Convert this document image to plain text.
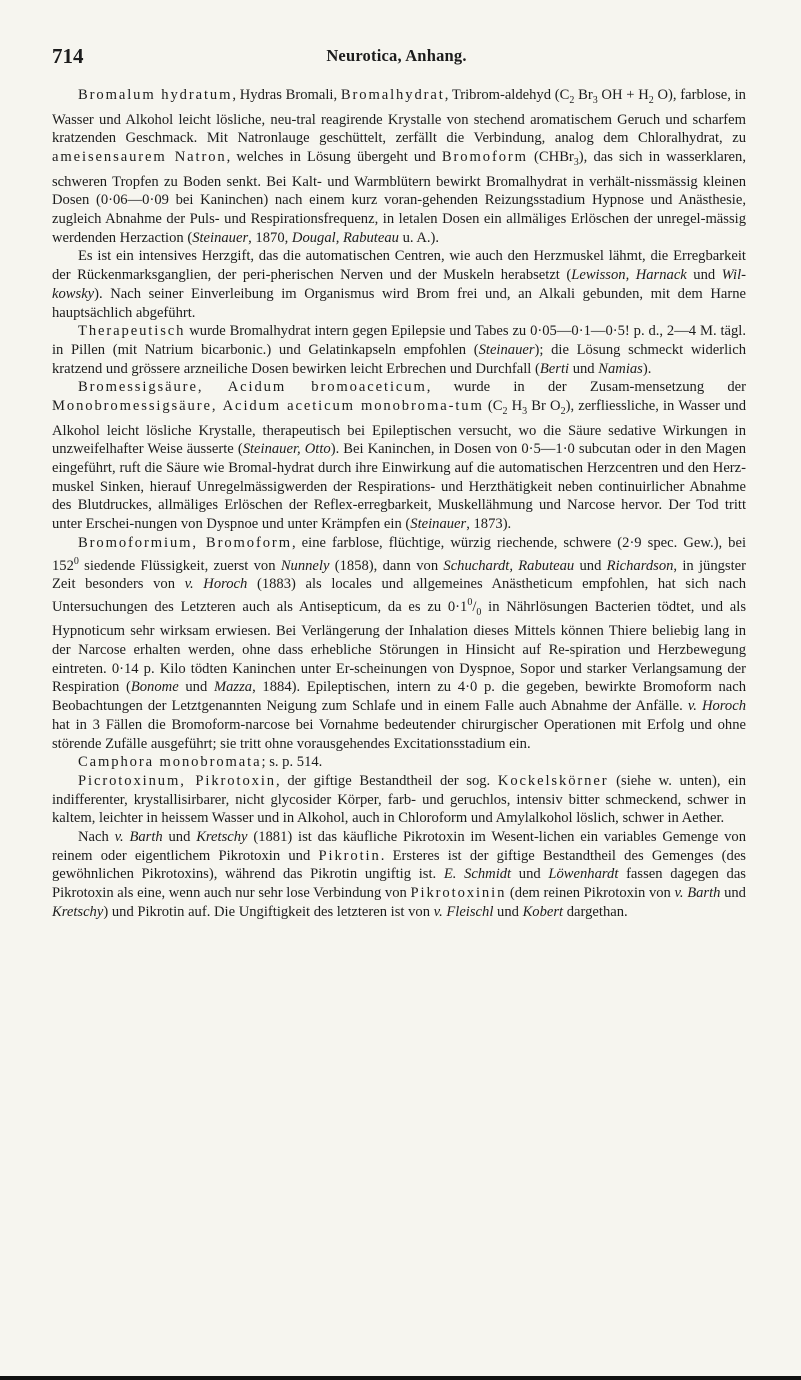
714	Neurotica, Anhang.

Bromalum hydratum, Hydras Bromali, Bromalhydrat, Tribrom-aldehyd ($C_2$ $Br_3$ OH + $H_2$ O), farblose, in Wasser und Alkohol leicht lösliche, neu-tral reagirende Krystalle von stechend aromatischem Geruch und scharfem kratzenden Geschmack. Mit Natronlauge geschüttelt, zerfällt die Verbindung, analog dem Chloralhydrat, zu ameisensaurem Natron, welches in Lösung übergeht und Bromoform (CHBr$_3$), das sich in wasserklaren, schweren Tropfen zu Boden senkt. Bei Kalt- und Warmblütern bewirkt Bromalhydrat in verhält-nissmässig kleinen Dosen (0·06—0·09 bei Kaninchen) nach einem kurz voran-gehenden Reizungsstadium Hypnose und Anästhesie, zugleich Abnahme der Puls- und Respirationsfrequenz, in letalen Dosen ein allmäliges Erlöschen der unregel-mässig werdenden Herzaction (Steinauer, 1870, Dougal, Rabuteau u. A.).

Es ist ein intensives Herzgift, das die automatischen Centren, wie auch den Herzmuskel lähmt, die Erregbarkeit der Rückenmarksganglien, der peri-pherischen Nerven und der Muskeln herabsetzt (Lewisson, Harnack und Wil-kowsky). Nach seiner Einverleibung im Organismus wird Brom frei und, an Alkali gebunden, mit dem Harne hauptsächlich abgeführt.

Therapeutisch wurde Bromalhydrat intern gegen Epilepsie und Tabes zu 0·05—0·1—0·5! p. d., 2—4 M. tägl. in Pillen (mit Natrium bicarbonic.) und Gelatinkapseln empfohlen (Steinauer); die Lösung schmeckt widerlich kratzend und grössere arzneiliche Dosen bewirken leicht Erbrechen und Durchfall (Berti und Namias).

Bromessigsäure, Acidum bromoaceticum, wurde in der Zusam-mensetzung der Monobromessigsäure, Acidum aceticum monobroma-tum ($C_2$ $H_3$ Br $O_2$), zerfliessliche, in Wasser und Alkohol leicht lösliche Krystalle, therapeutisch bei Epileptischen versucht, wo die Säure sedative Wirkungen in unzweifelhafter Weise äusserte (Steinauer, Otto). Bei Kaninchen, in Dosen von 0·5—1·0 subcutan oder in den Magen eingeführt, ruft die Säure wie Bromal-hydrat durch ihre Einwirkung auf die automatischen Herzcentren und den Herz-muskel Sinken, hierauf Unregelmässigwerden der Respirations- und Herzthätigkeit neben continuirlicher Abnahme des Blutdruckes, allmäliges Erlöschen der Reflex-erregbarkeit, Muskellähmung und Narcose hervor. Der Tod tritt unter Erschei-nungen von Dyspnoe und unter Krämpfen ein (Steinauer, 1873).

Bromoformium, Bromoform, eine farblose, flüchtige, würzig riechende, schwere (2·9 spec. Gew.), bei $152^0$ siedende Flüssigkeit, zuerst von Nunnely (1858), dann von Schuchardt, Rabuteau und Richardson, in jüngster Zeit besonders von v. Horoch (1883) als locales und allgemeines Anästheticum empfohlen, hat sich nach Untersuchungen des Letzteren auch als Antisepticum, da es zu $0\cdot 1^0/_0$ in Nährlösungen Bacterien tödtet, und als Hypnoticum sehr wirksam erwiesen. Bei Verlängerung der Inhalation dieses Mittels können Thiere beliebig lang in der Narcose erhalten werden, ohne dass erhebliche Störungen in Hinsicht auf Re-spiration und Herzbewegung eintreten. 0·14 p. Kilo tödten Kaninchen unter Er-scheinungen von Dyspnoe, Sopor und starker Verlangsamung der Respiration (Bonome und Mazza, 1884). Epileptischen, intern zu 4·0 p. die gegeben, bewirkte Bromoform nach Beobachtungen der Letztgenannten Neigung zum Schlafe und in einem Falle auch Abnahme der Anfälle. v. Horoch hat in 3 Fällen die Bromoform-narcose bei Vornahme bedeutender chirurgischer Operationen mit Erfolg und ohne störende Zufälle ausgeführt; sie tritt ohne vorausgehendes Excitationsstadium ein.

Camphora monobromata; s. p. 514.

Picrotoxinum, Pikrotoxin, der giftige Bestandtheil der sog. Kockelskörner (siehe w. unten), ein indifferenter, krystallisirbarer, nicht glycosider Körper, farb- und geruchlos, intensiv bitter schmeckend, schwer in kaltem, leichter in heissem Wasser und in Alkohol, auch in Chloroform und Amylalkohol löslich, schwer in Aether.

Nach v. Barth und Kretschy (1881) ist das käufliche Pikrotoxin im Wesent-lichen ein variables Gemenge von reinem oder eigentlichem Pikrotoxin und Pikrotin. Ersteres ist der giftige Bestandtheil des Gemenges (des gewöhnlichen Pikrotoxins), während das Pikrotin ungiftig ist. E. Schmidt und Löwenhardt fassen dagegen das Pikrotoxin als eine, wenn auch nur sehr lose Verbindung von Pikrotoxinin (dem reinen Pikrotoxin von v. Barth und Kretschy) und Pikrotin auf. Die Ungiftigkeit des letzteren ist von v. Fleischl und Kobert dargethan.
